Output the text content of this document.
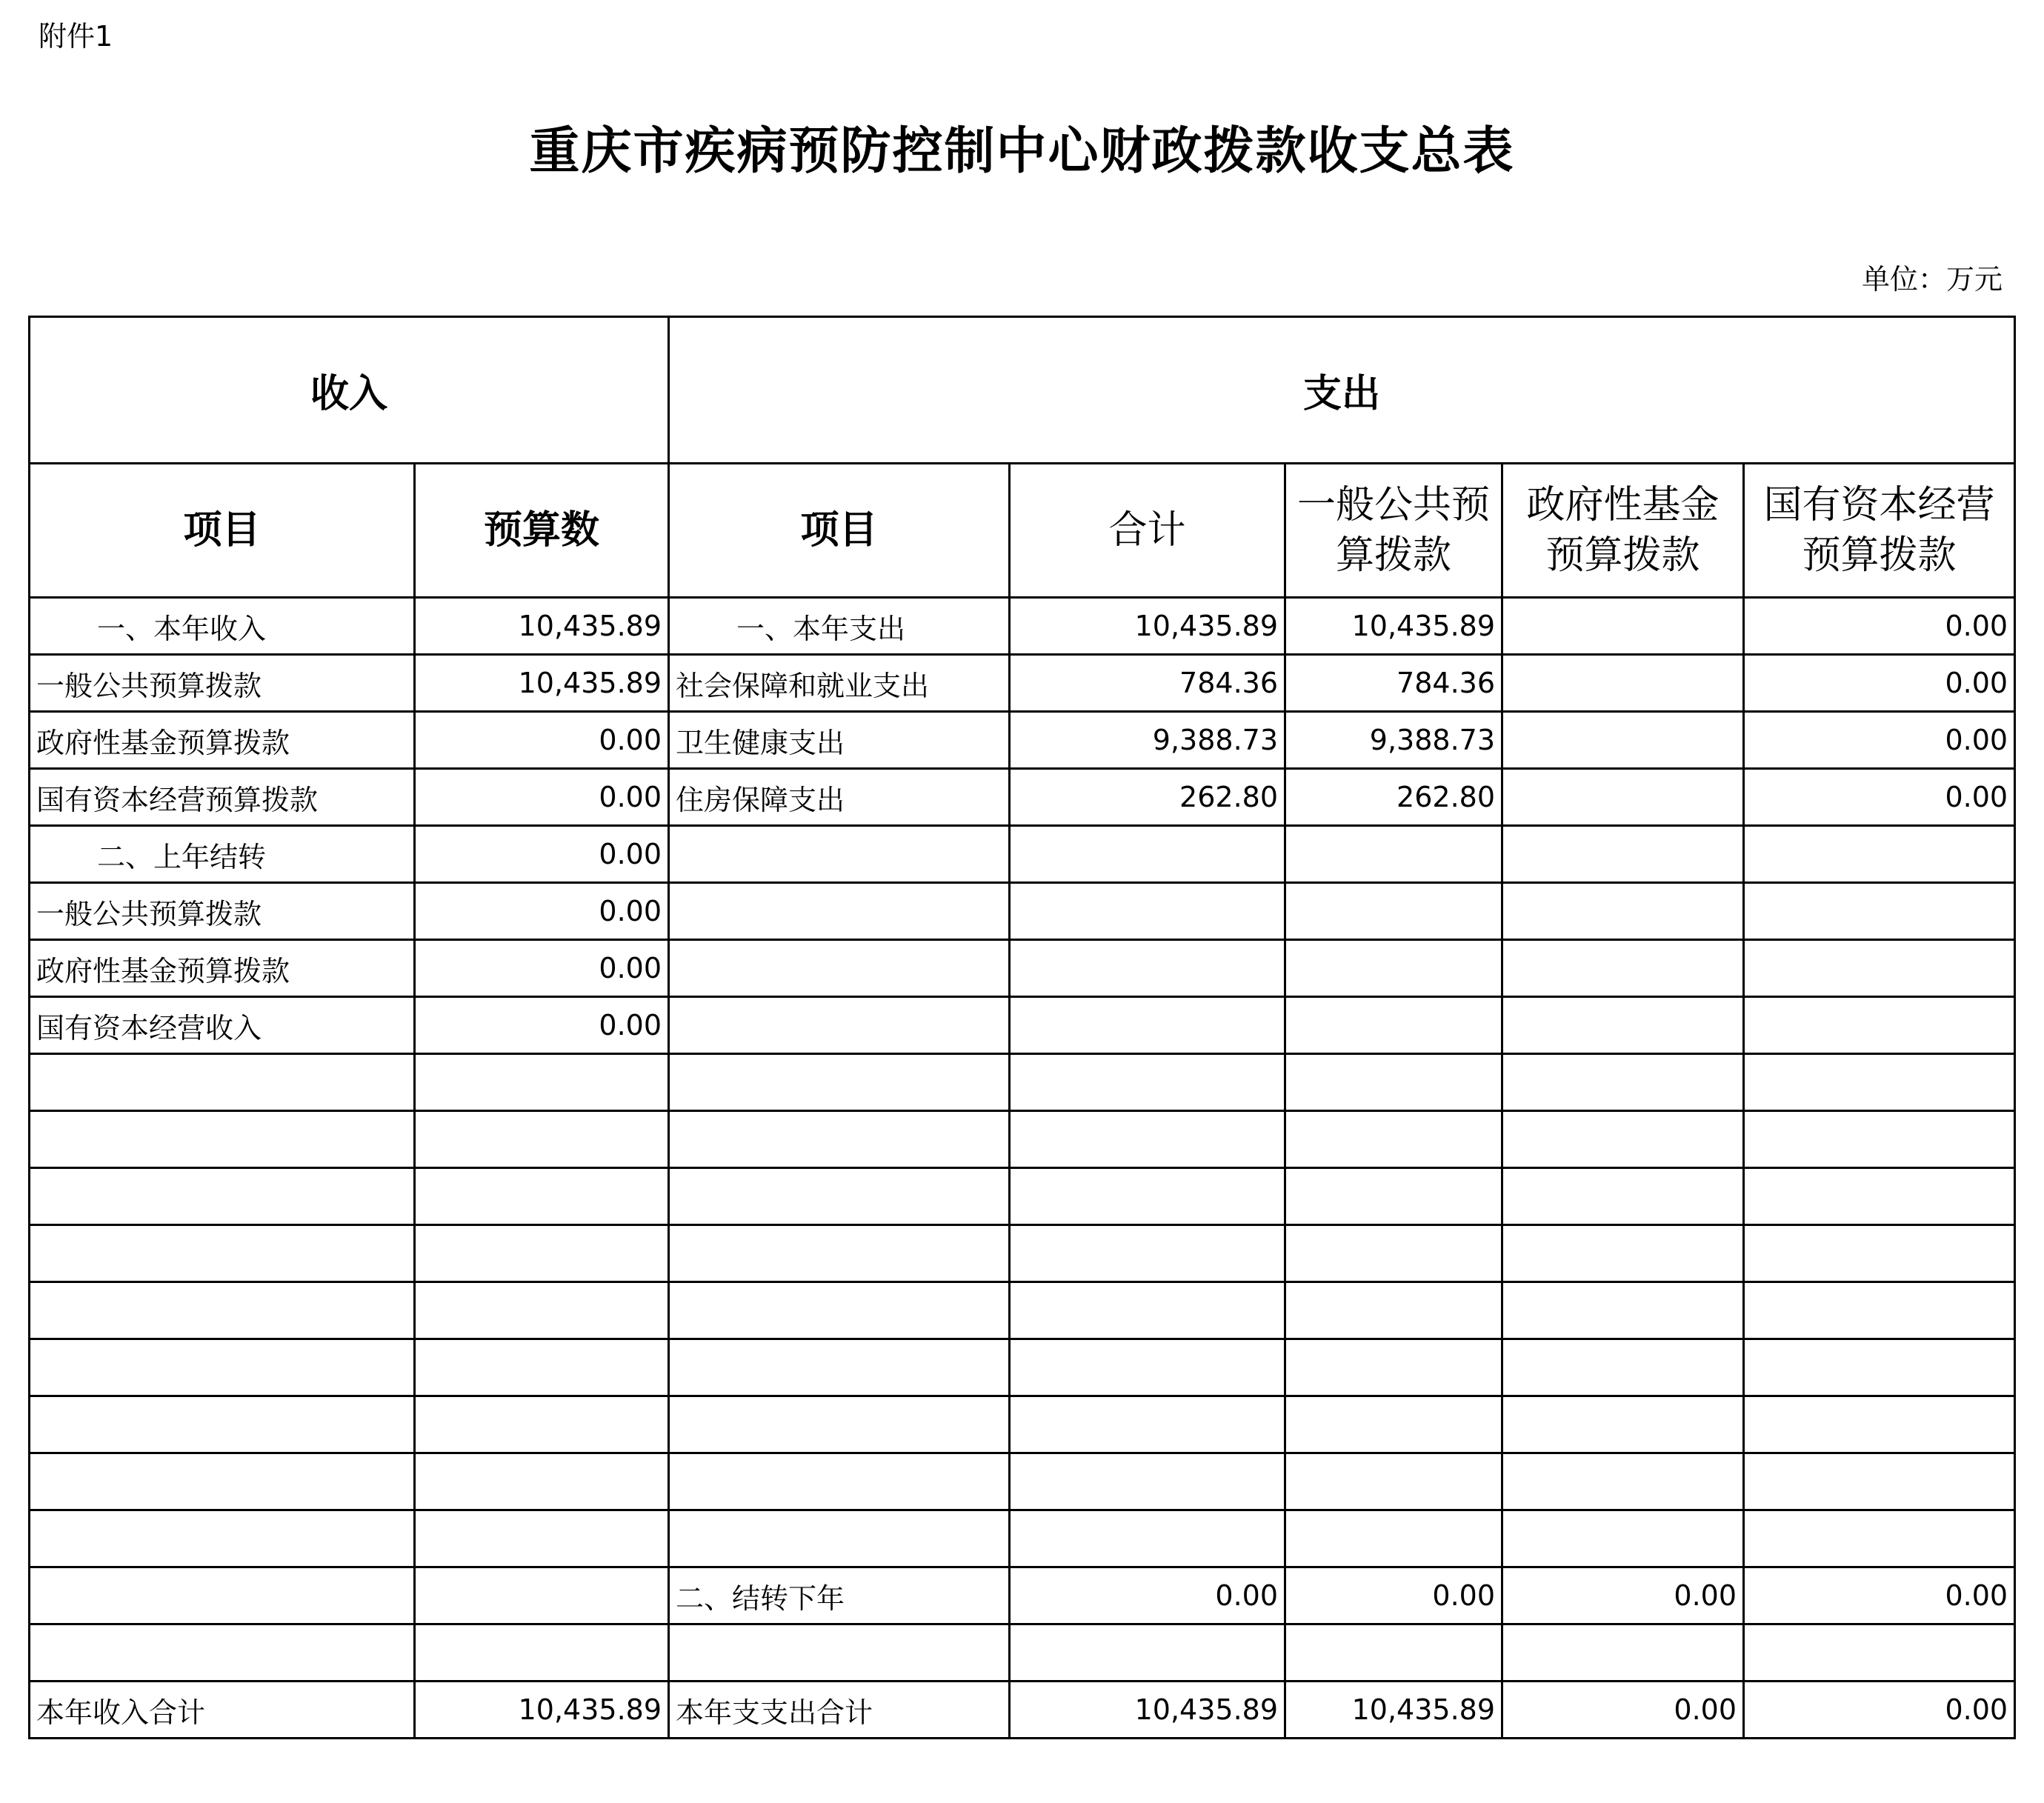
附件1
重庆市疾病预防控制中心财政拨款收支总表
单位：万元
收入		支出				
项目	预算数	项目	合计	一般公共预算拨款	政府性基金预算拨款	国有资本经营预算拨款
一、本年收入	10,435.89	一、本年支出	10,435.89	10,435.89		0.00
一般公共预算拨款	10,435.89	社会保障和就业支出	784.36	784.36		0.00
政府性基金预算拨款	0.00	卫生健康支出	9,388.73	9,388.73		0.00
国有资本经营预算拨款	0.00	住房保障支出	262.80	262.80		0.00
二、上年结转	0.00					
一般公共预算拨款	0.00					
政府性基金预算拨款	0.00					
国有资本经营收入	0.00					

		二、结转下年	0.00	0.00	0.00	0.00

本年收入合计	10,435.89	本年支支出合计	10,435.89	10,435.89	0.00	0.00
